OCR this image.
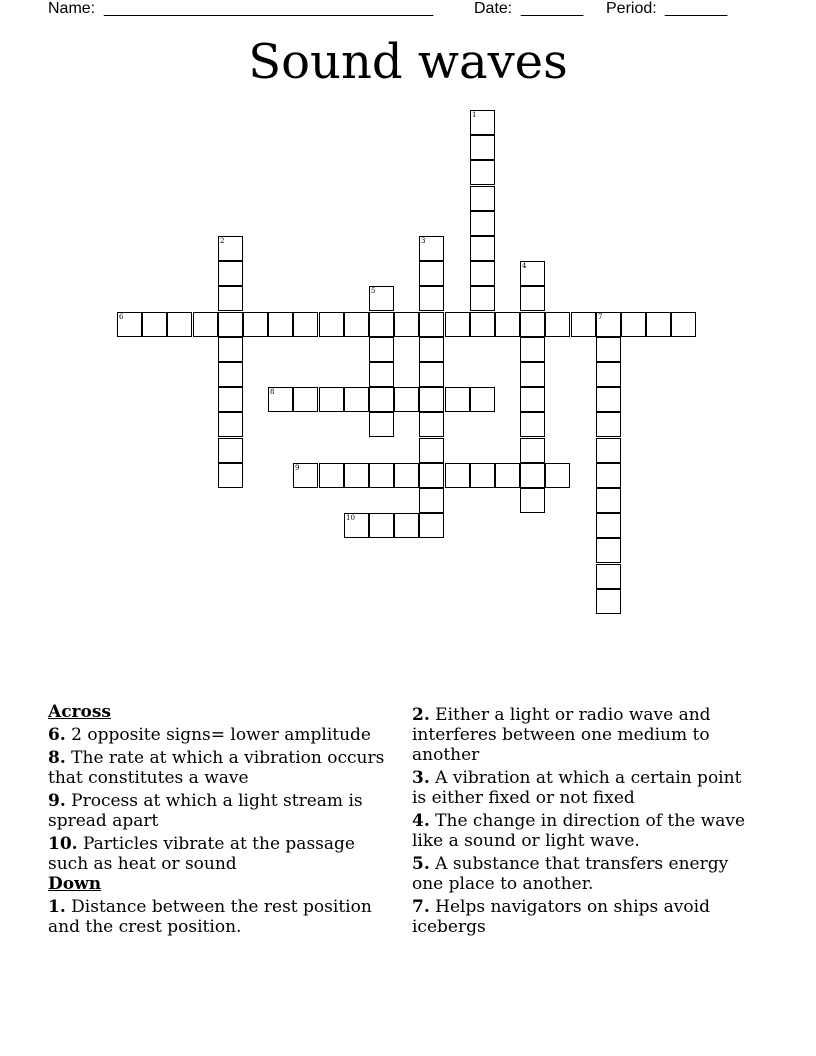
Name: _____________________________________	Date: _______ Period: _______
Sound waves
1
2	3
4
5
6	7
8
9
10
Across
6. 2 opposite signs= lower amplitude
8. The rate at which a vibration occurs that constitutes a wave
9. Process at which a light stream is spread apart
10. Particles vibrate at the passage such as heat or sound
Down
1. Distance between the rest position and the crest position.
2. Either a light or radio wave and interferes between one medium to another
3. A vibration at which a certain point is either fixed or not fixed
4. The change in direction of the wave like a sound or light wave.
5. A substance that transfers energy one place to another.
7. Helps navigators on ships avoid icebergs
